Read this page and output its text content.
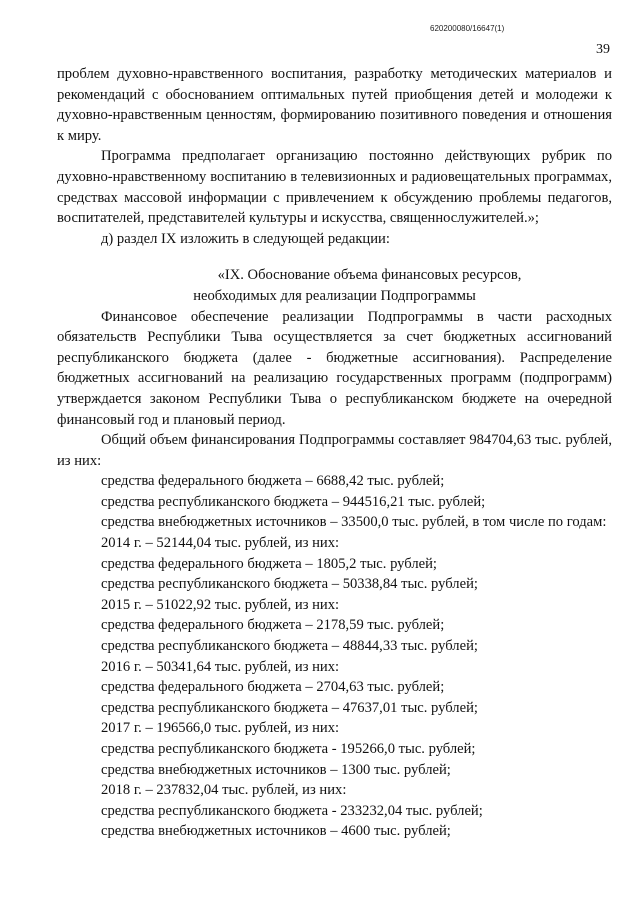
620200080/16647(1)
39

проблем духовно-нравственного воспитания, разработку методических материалов и рекомендаций с обоснованием оптимальных путей приобщения детей и молодежи к духовно-нравственным ценностям, формированию позитивного поведения и отношения к миру.

Программа предполагает организацию постоянно действующих рубрик по духовно-нравственному воспитанию в телевизионных и радиовещательных программах, средствах массовой информации с привлечением к обсуждению проблемы педагогов, воспитателей, представителей культуры и искусства, священнослужителей.»;

д) раздел IX изложить в следующей редакции:

«IX. Обоснование объема финансовых ресурсов,
необходимых для реализации Подпрограммы

Финансовое обеспечение реализации Подпрограммы в части расходных обязательств Республики Тыва осуществляется за счет бюджетных ассигнований республиканского бюджета (далее - бюджетные ассигнования). Распределение бюджетных ассигнований на реализацию государственных программ (подпрограмм) утверждается законом Республики Тыва о республиканском бюджете на очередной финансовый год и плановый период.

Общий объем финансирования Подпрограммы составляет 984704,63 тыс. рублей, из них:

средства федерального бюджета – 6688,42 тыс. рублей;

средства республиканского бюджета – 944516,21 тыс. рублей;

средства внебюджетных источников – 33500,0 тыс. рублей, в том числе по годам:

2014 г. – 52144,04 тыс. рублей, из них:

средства федерального бюджета – 1805,2 тыс. рублей;

средства республиканского бюджета – 50338,84 тыс. рублей;

2015 г. – 51022,92 тыс. рублей, из них:

средства федерального бюджета – 2178,59 тыс. рублей;

средства республиканского бюджета – 48844,33 тыс. рублей;

2016 г. – 50341,64 тыс. рублей, из них:

средства федерального бюджета – 2704,63 тыс. рублей;

средства республиканского бюджета – 47637,01 тыс. рублей;

2017 г. – 196566,0 тыс. рублей, из них:

средства республиканского бюджета - 195266,0 тыс. рублей;

средства внебюджетных источников – 1300 тыс. рублей;

2018 г. – 237832,04 тыс. рублей, из них:

средства республиканского бюджета - 233232,04 тыс. рублей;

средства внебюджетных источников – 4600 тыс. рублей;
